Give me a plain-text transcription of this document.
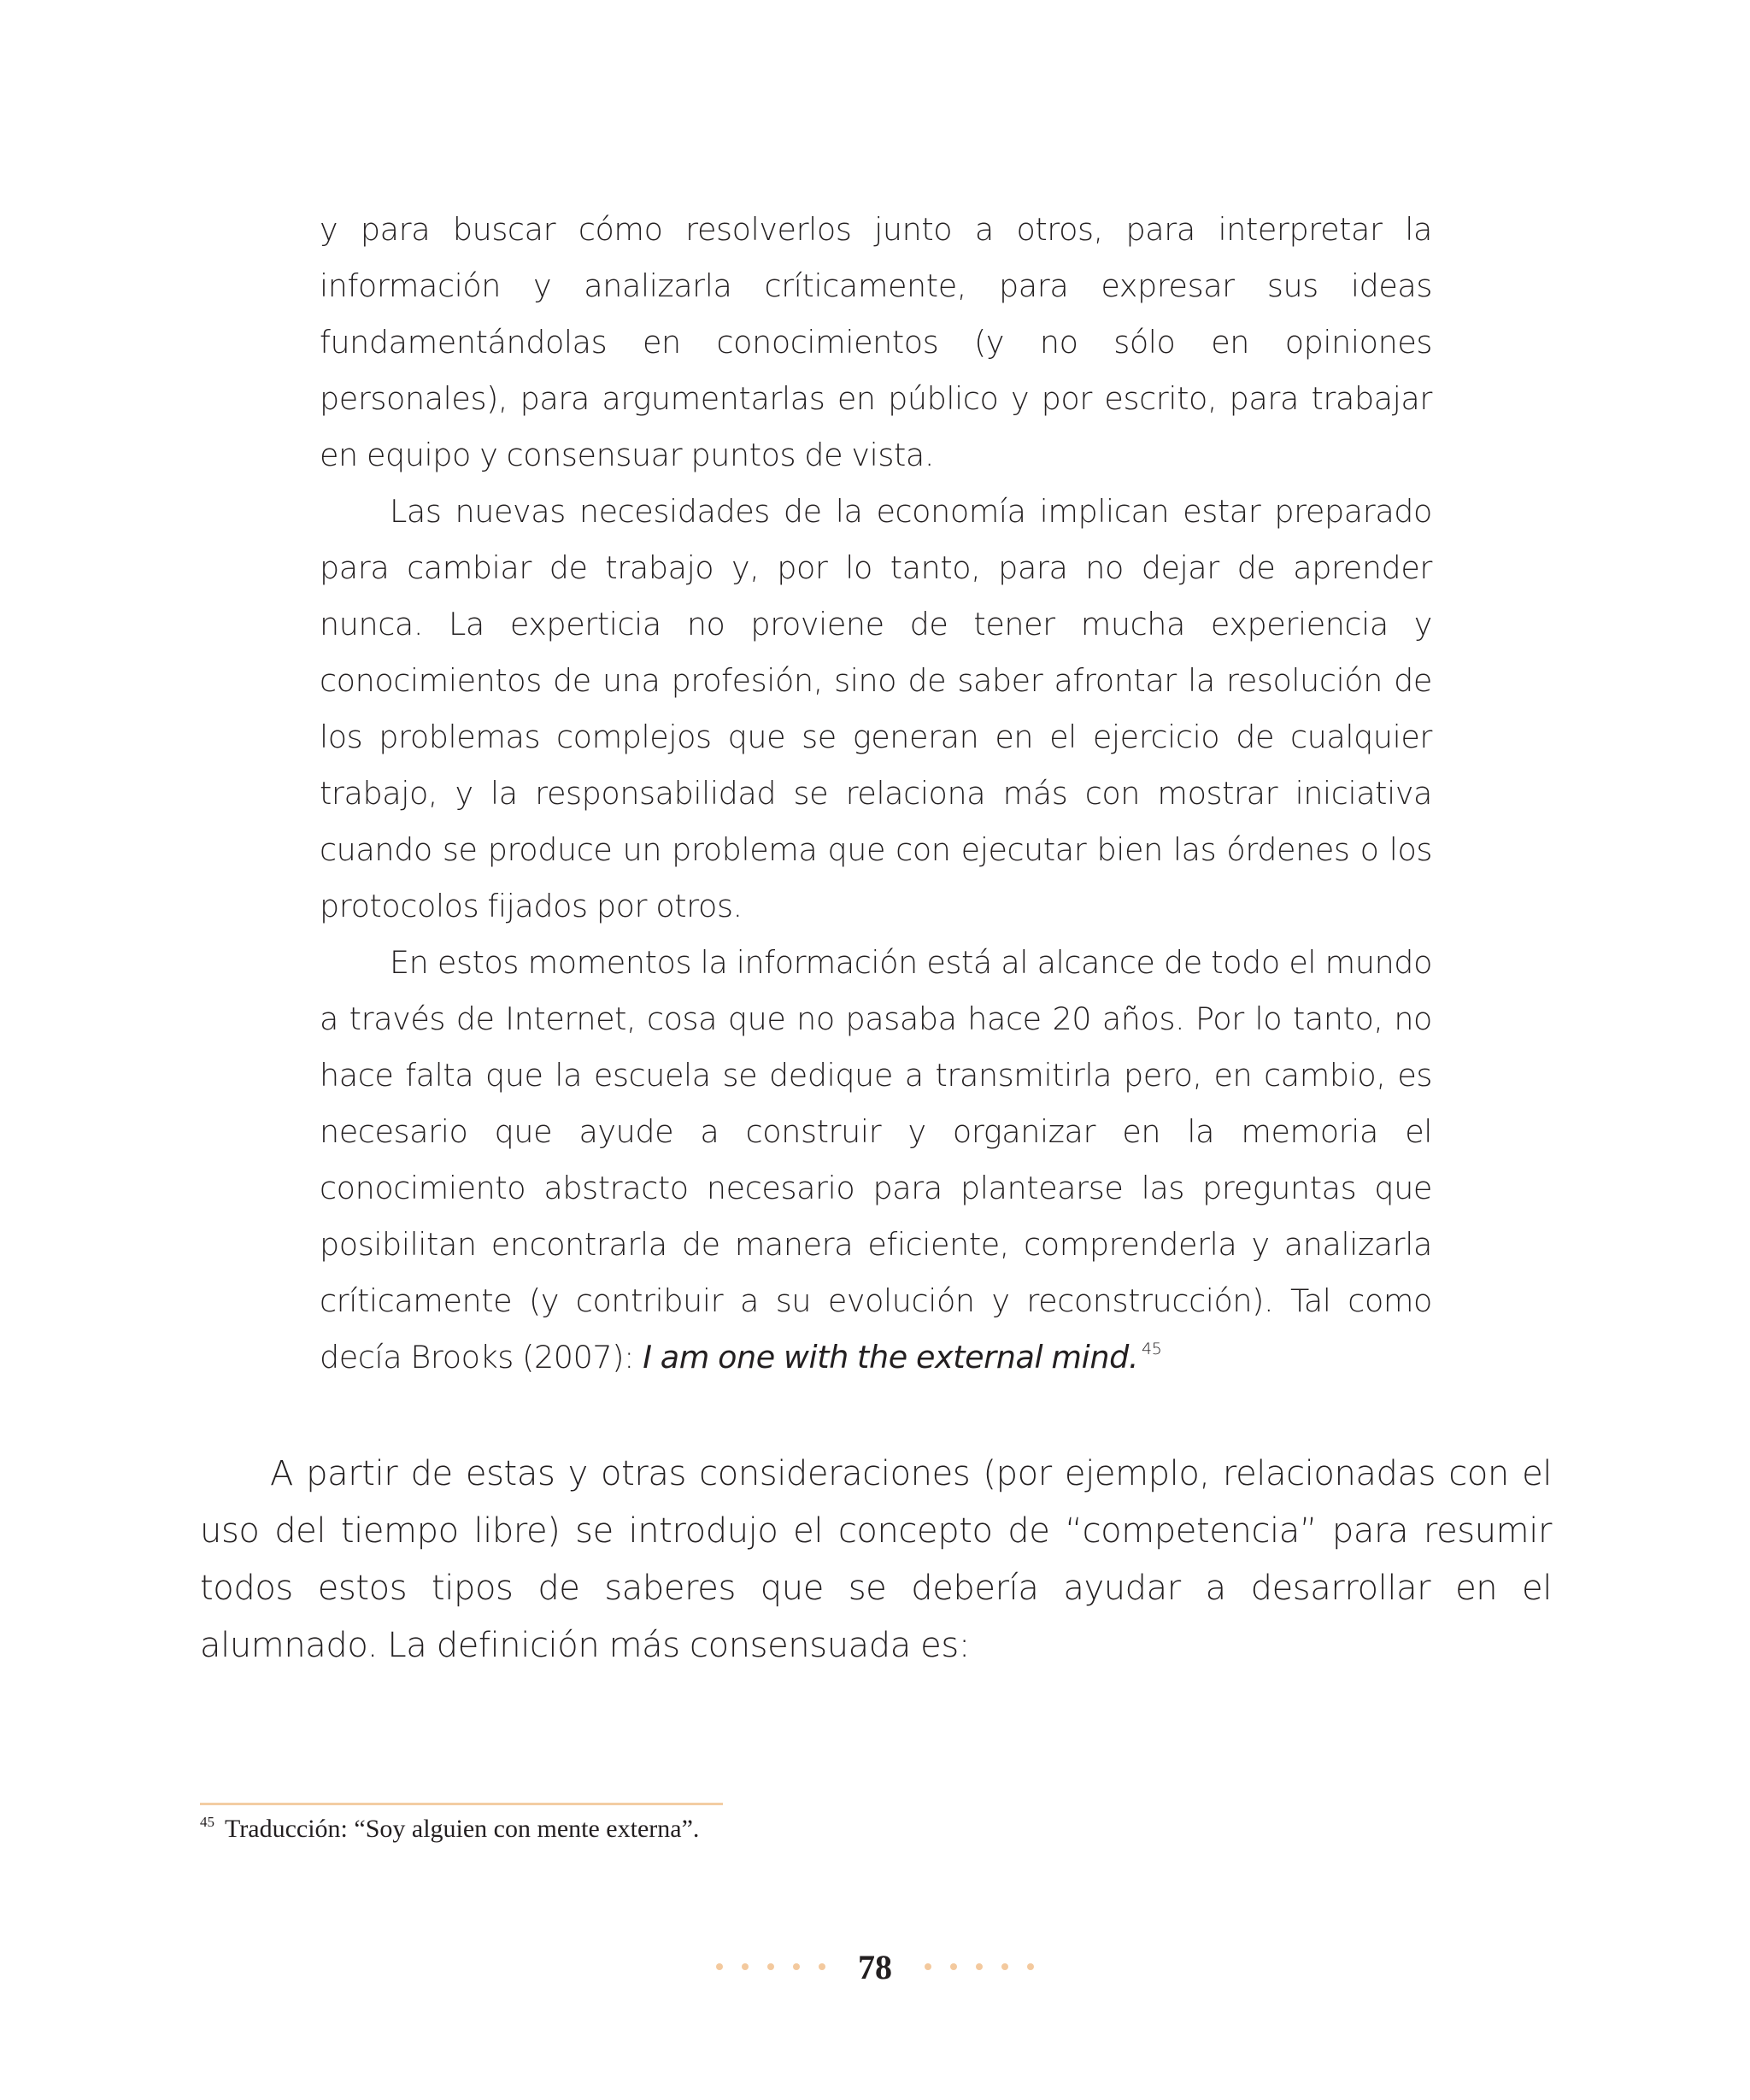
y para buscar cómo resolverlos junto a otros, para interpretar la información y analizarla críticamente, para expresar sus ideas fundamentándolas en conocimientos (y no sólo en opiniones personales), para argumentarlas en público y por escrito, para trabajar en equipo y consensuar puntos de vista.

Las nuevas necesidades de la economía implican estar preparado para cambiar de trabajo y, por lo tanto, para no dejar de aprender nunca. La experticia no proviene de tener mucha experiencia y conocimientos de una profesión, sino de saber afrontar la resolución de los problemas complejos que se generan en el ejercicio de cualquier trabajo, y la responsabilidad se relaciona más con mostrar iniciativa cuando se produce un problema que con ejecutar bien las órdenes o los protocolos fijados por otros.

En estos momentos la información está al alcance de todo el mundo a través de Internet, cosa que no pasaba hace 20 años. Por lo tanto, no hace falta que la escuela se dedique a transmitirla pero, en cambio, es necesario que ayude a construir y organizar en la memoria el conocimiento abstracto necesario para plantearse las preguntas que posibilitan encontrarla de manera eficiente, comprenderla y analizarla críticamente (y contribuir a su evolución y reconstrucción). Tal como decía Brooks (2007): I am one with the external mind. $^{45}$

A partir de estas y otras consideraciones (por ejemplo, relacionadas con el uso del tiempo libre) se introdujo el concepto de “competencia” para resumir todos estos tipos de saberes que se debería ayudar a desarrollar en el alumnado. La definición más consensuada es:

$^{45}$ Traducción: “Soy alguien con mente externa”.
78
